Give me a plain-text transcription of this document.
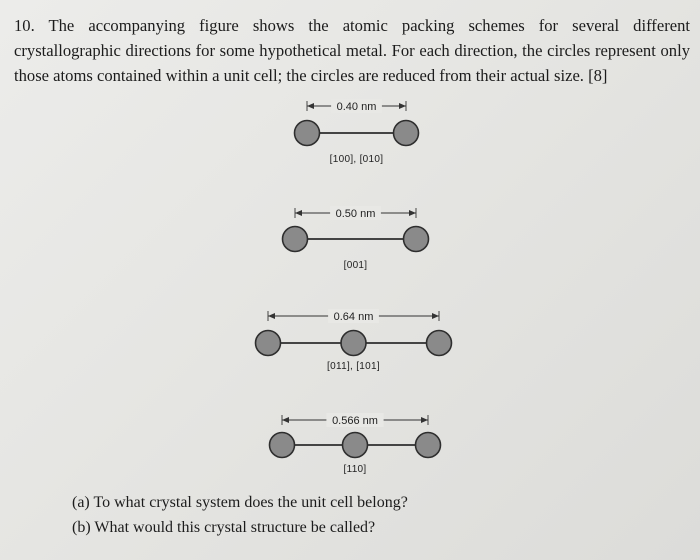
10. The accompanying figure shows the atomic packing schemes for several different crystallographic directions for some hypothetical metal. For each direction, the circles represent only those atoms contained within a unit cell; the circles are reduced from their actual size. [8]

0.40 nm
[100], [010]
0.50 nm
[001]
0.64 nm
[011], [101]
0.566 nm
[110]

(a) To what crystal system does the unit cell belong?

(b) What would this crystal structure be called?
